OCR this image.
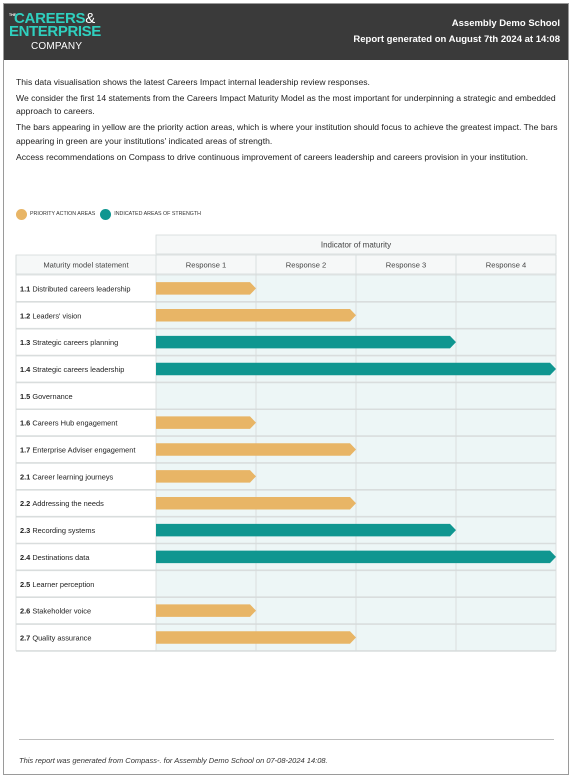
THE
CAREERS&
ENTERPRISE
COMPANY
Assembly Demo School
Report generated on August 7th 2024 at 14:08

This data visualisation shows the latest Careers Impact internal leadership review responses.

We consider the first 14 statements from the Careers Impact Maturity Model as the most important for underpinning a strategic and embedded approach to careers.

The bars appearing in yellow are the priority action areas, which is where your institution should focus to achieve the greatest impact. The bars appearing in green are your institutions' indicated areas of strength.

Access recommendations on Compass to drive continuous improvement of careers leadership and careers provision in your institution.

PRIORITY ACTION AREAS	INDICATED AREAS OF STRENGTH
Indicator of maturity
Maturity model statement	Response 1	Response 2	Response 3	Response 4
1.1 Distributed careers leadership
1.2 Leaders' vision
1.3 Strategic careers planning
1.4 Strategic careers leadership
1.5 Governance
1.6 Careers Hub engagement
1.7 Enterprise Adviser engagement
2.1 Career learning journeys
2.2 Addressing the needs
2.3 Recording systems
2.4 Destinations data
2.5 Learner perception
2.6 Stakeholder voice
2.7 Quality assurance
This report was generated from Compass-. for Assembly Demo School on 07-08-2024 14:08.
